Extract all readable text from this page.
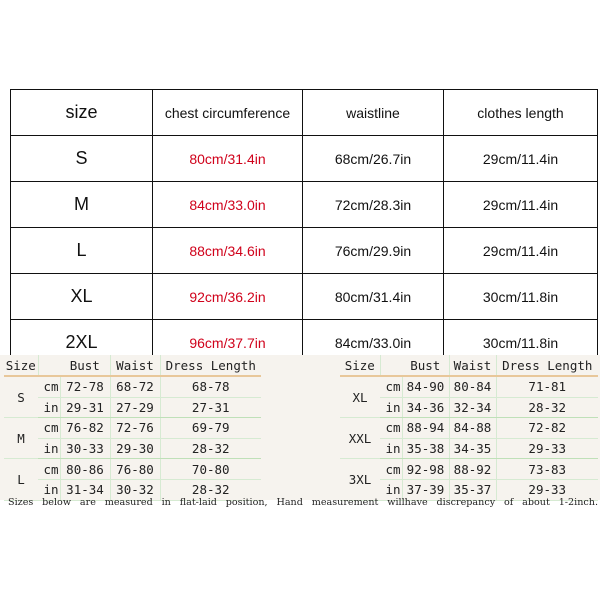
size	chest circumference	waistline	clothes length
S	80cm/31.4in	68cm/26.7in	29cm/11.4in
M	84cm/33.0in	72cm/28.3in	29cm/11.4in
L	88cm/34.6in	76cm/29.9in	29cm/11.4in
XL	92cm/36.2in	80cm/31.4in	30cm/11.8in
2XL	96cm/37.7in	84cm/33.0in	30cm/11.8in
Size		Bust	Waist	Dress Length
S	cm	72-78	68-72	68-78
	in	29-31	27-29	27-31
M	cm	76-82	72-76	69-79
	in	30-33	29-30	28-32
L	cm	80-86	76-80	70-80
	in	31-34	30-32	28-32
Size		Bust	Waist	Dress Length
XL	cm	84-90	80-84	71-81
	in	34-36	32-34	28-32
XXL	cm	88-94	84-88	72-82
	in	35-38	34-35	29-33
3XL	cm	92-98	88-92	73-83
	in	37-39	35-37	29-33
Sizes below are measured in flat-laid position, Hand measurement willhave discrepancy of about 1-2inch.
